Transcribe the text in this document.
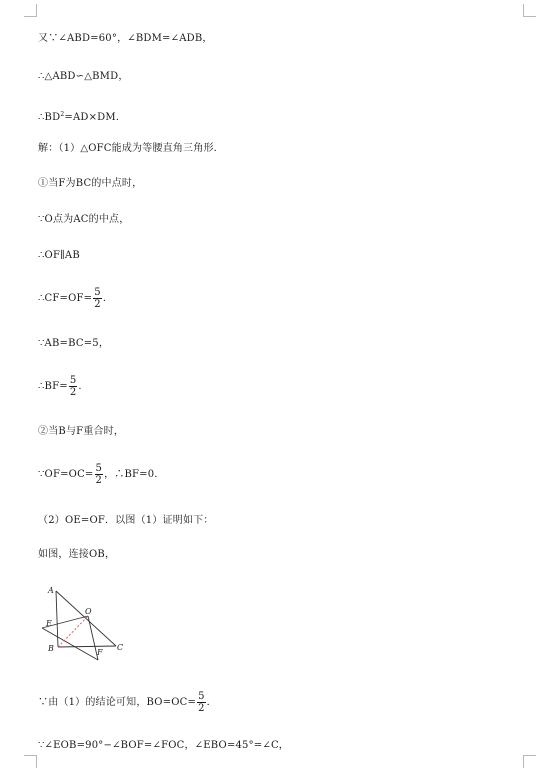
又∵∠ABD=60°，∠BDM=∠ADB，
∴△ABD∽△BMD，
$\therefore BD^2=AD\times DM$．
解：（1）△OFC能成为等腰直角三角形．
①当F为BC的中点时，
∵O点为AC的中点，
∴OF∥AB
∴CF=OF= $\frac{5}{2}$ ．
∵AB=BC=5，
∴BF= $\frac{5}{2}$ ．
②当B与F重合时，
∵OF=OC= $\frac{5}{2}$ ，∴BF=0．
（2）OE=OF．以图（1）证明如下：
如图，连接OB，
A
O
E
B	C
F
∵由（1）的结论可知，$BO=OC= \frac{5}{2}$ ．
∵∠EOB=90°−∠BOF=∠FOC，∠EBO=45°=∠C，
